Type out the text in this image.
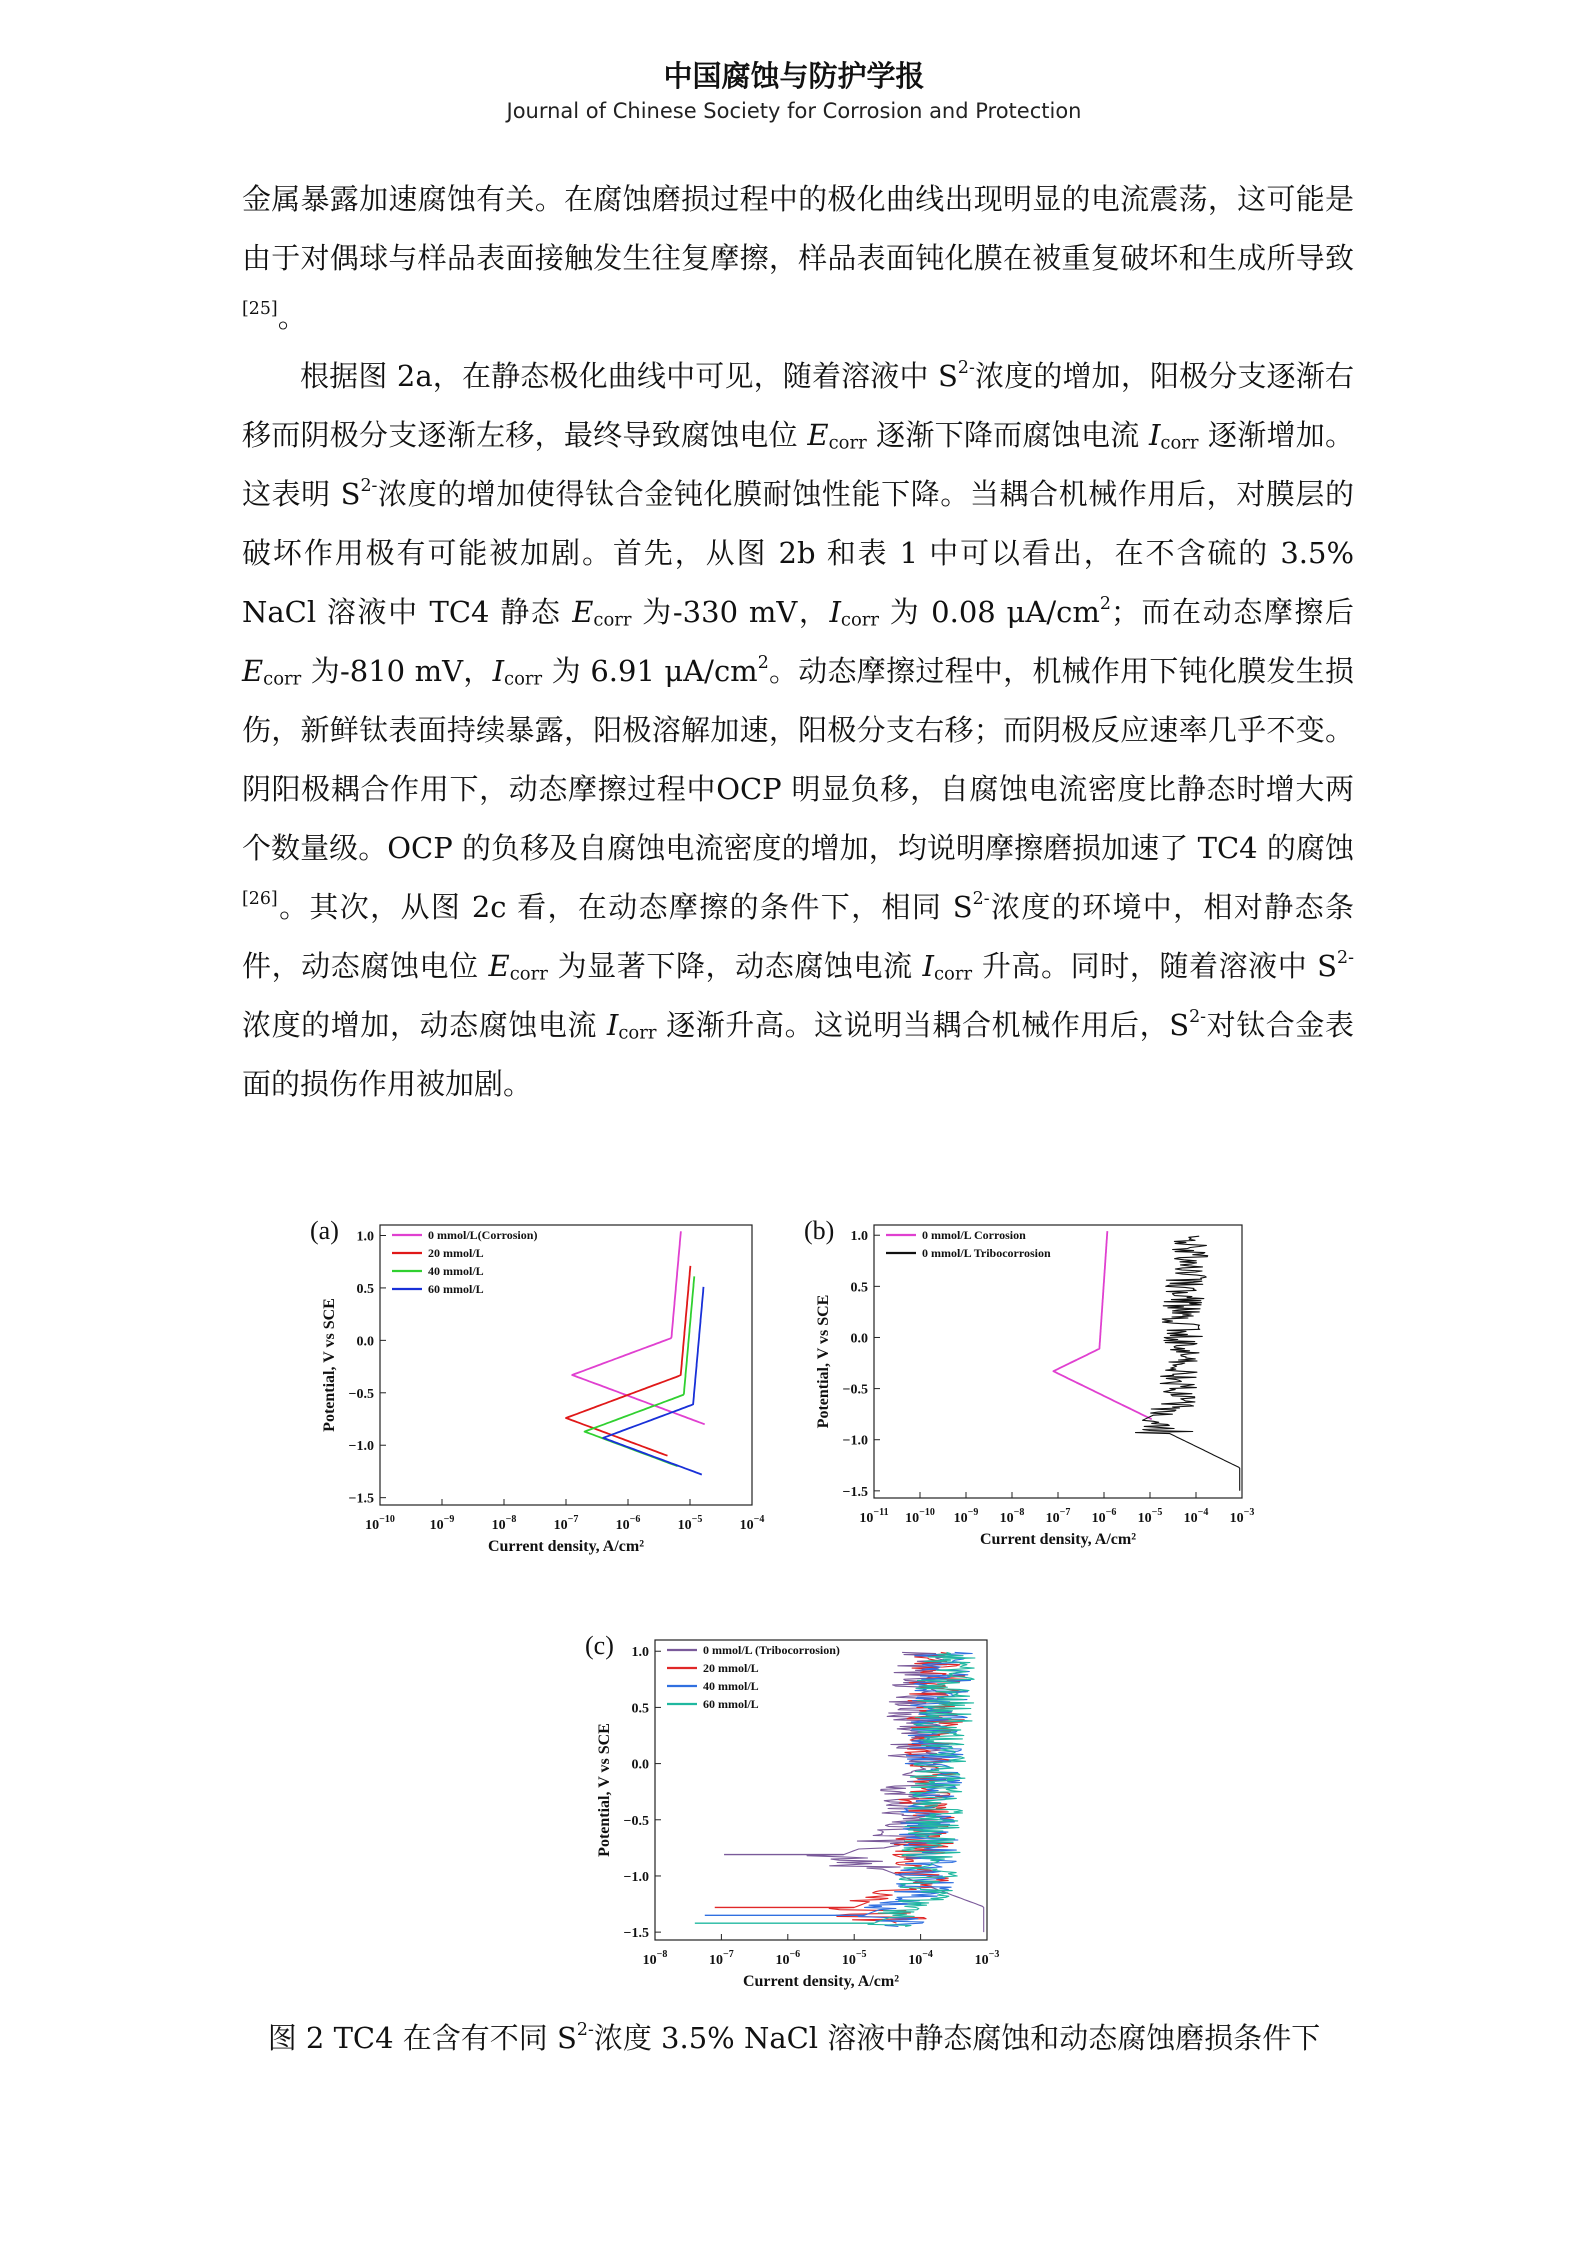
中国腐蚀与防护学报
Journal of Chinese Society for Corrosion and Protection

金属暴露加速腐蚀有关。在腐蚀磨损过程中的极化曲线出现明显的电流震荡，这可能是由于对偶球与样品表面接触发生往复摩擦，样品表面钝化膜在被重复破坏和生成所导致[25]。

根据图 2a，在静态极化曲线中可见，随着溶液中 $S^{2-}$浓度的增加，阳极分支逐渐右移而阴极分支逐渐左移，最终导致腐蚀电位 $E_{corr}$ 逐渐下降而腐蚀电流 $I_{corr}$ 逐渐增加。这表明 $S^{2-}$浓度的增加使得钛合金钝化膜耐蚀性能下降。当耦合机械作用后，对膜层的破坏作用极有可能被加剧。首先，从图 2b 和表 1 中可以看出，在不含硫的 3.5% NaCl 溶液中 TC4 静态 $E_{corr}$ 为-330 mV，$I_{corr}$ 为 0.08 $\mu A/cm^2$；而在动态摩擦后 $E_{corr}$ 为-810 mV，$I_{corr}$ 为 6.91 $\mu A/cm^2$。动态摩擦过程中，机械作用下钝化膜发生损伤，新鲜钛表面持续暴露，阳极溶解加速，阳极分支右移；而阴极反应速率几乎不变。阴阳极耦合作用下，动态摩擦过程中OCP 明显负移，自腐蚀电流密度比静态时增大两个数量级。OCP 的负移及自腐蚀电流密度的增加，均说明摩擦磨损加速了 TC4 的腐蚀[26]。其次，从图 2c 看，在动态摩擦的条件下，相同 $S^{2-}$浓度的环境中，相对静态条件，动态腐蚀电位 $E_{corr}$ 为显著下降，动态腐蚀电流 $I_{corr}$ 升高。同时，随着溶液中 $S^{2-}$浓度的增加，动态腐蚀电流 $I_{corr}$ 逐渐升高。这说明当耦合机械作用后，$S^{2-}$对钛合金表面的损伤作用被加剧。

1.0
0.5
0.0
−0.5
−1.0
−1.5
$10^{-10}$ $10^{-9}$	$10^{-8}$	$10^{-7}$	$10^{-6}$	$10^{-5}$	$10^{-4}$
Current density, A/cm²
Potential, V vs SCE
(a)	0 mmol/L(Corrosion)
20 mmol/L
40 mmol/L
60 mmol/L
1.0
0.5
0.0
−0.5
−1.0
−1.5
$10^{-11}$ $10^{-10}$ $10^{-9}$ $10^{-8}$ $10^{-7}$ $10^{-6}$ $10^{-5}$ $10^{-4}$ $10^{-3}$
Current density, A/cm²
Potential, V vs SCE
(b)	0 mmol/L Corrosion
0 mmol/L Tribocorrosion
1.0
0.5
0.0
−0.5
−1.0
−1.5
$10^{-8}$	$10^{-7}$	$10^{-6}$	$10^{-5}$	$10^{-4}$	$10^{-3}$
Current density, A/cm²
Potential, V vs SCE
(c)	0 mmol/L (Tribocorrosion)
20 mmol/L
40 mmol/L
60 mmol/L
图 2 TC4 在含有不同 $S^{2-}$浓度 3.5% NaCl 溶液中静态腐蚀和动态腐蚀磨损条件下
